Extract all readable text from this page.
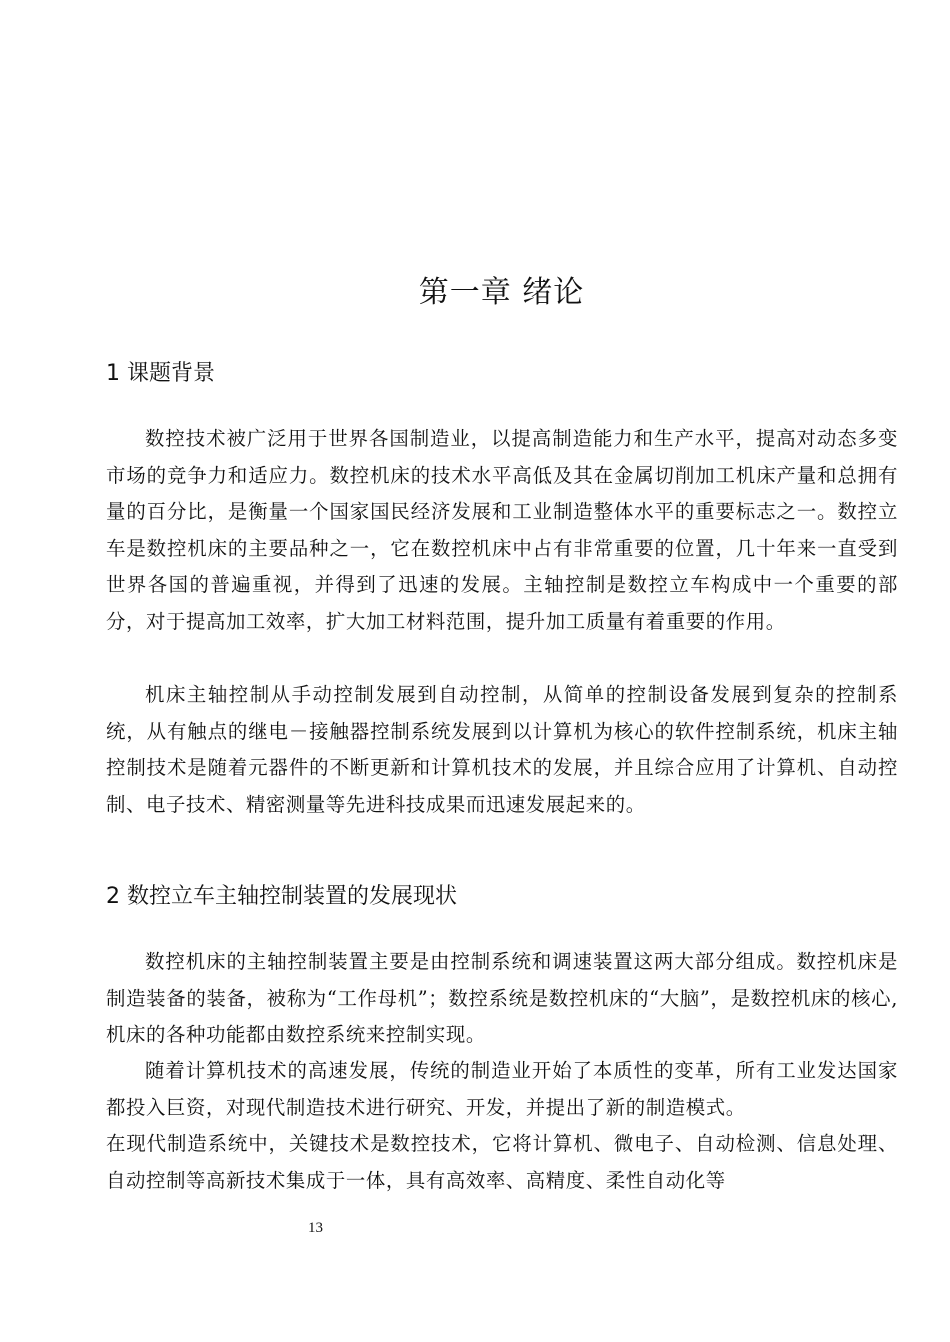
第一章 绪论
1 课题背景

数控技术被广泛用于世界各国制造业，以提高制造能力和生产水平，提高对动态多变市场的竞争力和适应力。数控机床的技术水平高低及其在金属切削加工机床产量和总拥有量的百分比，是衡量一个国家国民经济发展和工业制造整体水平的重要标志之一。数控立车是数控机床的主要品种之一，它在数控机床中占有非常重要的位置，几十年来一直受到世界各国的普遍重视，并得到了迅速的发展。主轴控制是数控立车构成中一个重要的部分，对于提高加工效率，扩大加工材料范围，提升加工质量有着重要的作用。

机床主轴控制从手动控制发展到自动控制，从简单的控制设备发展到复杂的控制系统，从有触点的继电－接触器控制系统发展到以计算机为核心的软件控制系统，机床主轴控制技术是随着元器件的不断更新和计算机技术的发展，并且综合应用了计算机、自动控制、电子技术、精密测量等先进科技成果而迅速发展起来的。

2 数控立车主轴控制装置的发展现状

数控机床的主轴控制装置主要是由控制系统和调速装置这两大部分组成。数控机床是制造装备的装备，被称为“工作母机”；数控系统是数控机床的“大脑”，是数控机床的核心,机床的各种功能都由数控系统来控制实现。

随着计算机技术的高速发展，传统的制造业开始了本质性的变革，所有工业发达国家都投入巨资，对现代制造技术进行研究、开发，并提出了新的制造模式。

在现代制造系统中，关键技术是数控技术，它将计算机、微电子、自动检测、信息处理、自动控制等高新技术集成于一体，具有高效率、高精度、柔性自动化等

13
